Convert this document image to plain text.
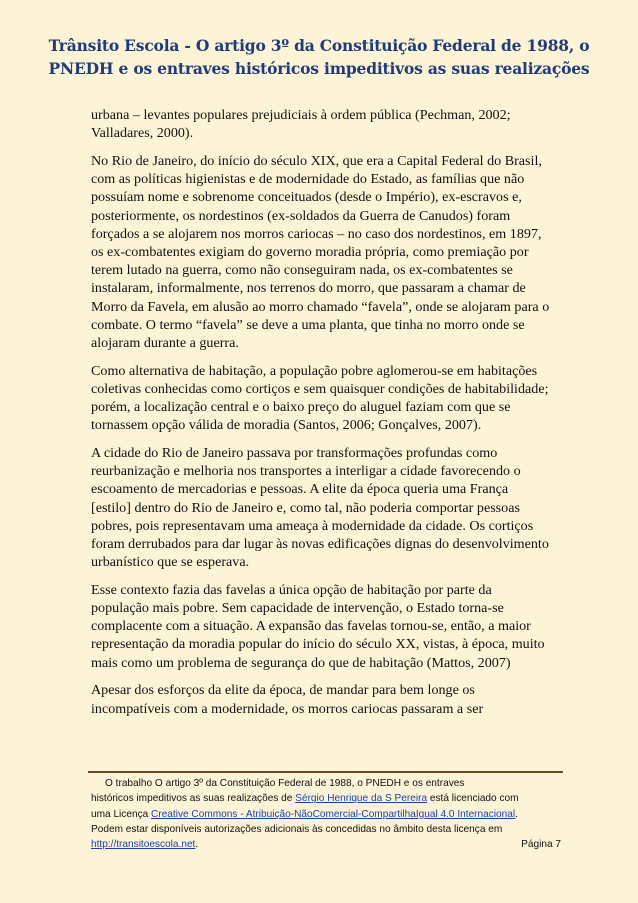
Trânsito Escola - O artigo 3º da Constituição Federal de 1988, o
PNEDH e os entraves históricos impeditivos as suas realizações

urbana – levantes populares prejudiciais à ordem pública (Pechman, 2002; Valladares, 2000).

No Rio de Janeiro, do início do século XIX, que era a Capital Federal do Brasil, com as políticas higienistas e de modernidade do Estado, as famílias que não possuíam nome e sobrenome conceituados (desde o Império), ex-escravos e, posteriormente, os nordestinos (ex-soldados da Guerra de Canudos) foram forçados a se alojarem nos morros cariocas – no caso dos nordestinos, em 1897, os ex-combatentes exigiam do governo moradia própria, como premiação por terem lutado na guerra, como não conseguiram nada, os ex-combatentes se instalaram, informalmente, nos terrenos do morro, que passaram a chamar de Morro da Favela, em alusão ao morro chamado “favela”, onde se alojaram para o combate. O termo “favela” se deve a uma planta, que tinha no morro onde se alojaram durante a guerra.

Como alternativa de habitação, a população pobre aglomerou-se em habitações coletivas conhecidas como cortiços e sem quaisquer condições de habitabilidade; porém, a localização central e o baixo preço do aluguel faziam com que se tornassem opção válida de moradia (Santos, 2006; Gonçalves, 2007).

A cidade do Rio de Janeiro passava por transformações profundas como reurbanização e melhoria nos transportes a interligar a cidade favorecendo o escoamento de mercadorias e pessoas. A elite da época queria uma França [estilo] dentro do Rio de Janeiro e, como tal, não poderia comportar pessoas pobres, pois representavam uma ameaça à modernidade da cidade. Os cortiços foram derrubados para dar lugar às novas edificações dignas do desenvolvimento urbanístico que se esperava.

Esse contexto fazia das favelas a única opção de habitação por parte da população mais pobre. Sem capacidade de intervenção, o Estado torna-se complacente com a situação. A expansão das favelas tornou-se, então, a maior representação da moradia popular do início do século XX, vistas, à época, muito mais como um problema de segurança do que de habitação (Mattos, 2007)

Apesar dos esforços da elite da época, de mandar para bem longe os incompatíveis com a modernidade, os morros cariocas passaram a ser

O trabalho O artigo 3º da Constituição Federal de 1988, o PNEDH e os entraves
históricos impeditivos as suas realizações de Sérgio Henrique da S Pereira está licenciado com
uma Licença Creative Commons - Atribuição-NãoComercial-CompartilhaIgual 4.0 Internacional.
Podem estar disponíveis autorizações adicionais às concedidas no âmbito desta licença em
http://transitoescola.net.	Página 7
